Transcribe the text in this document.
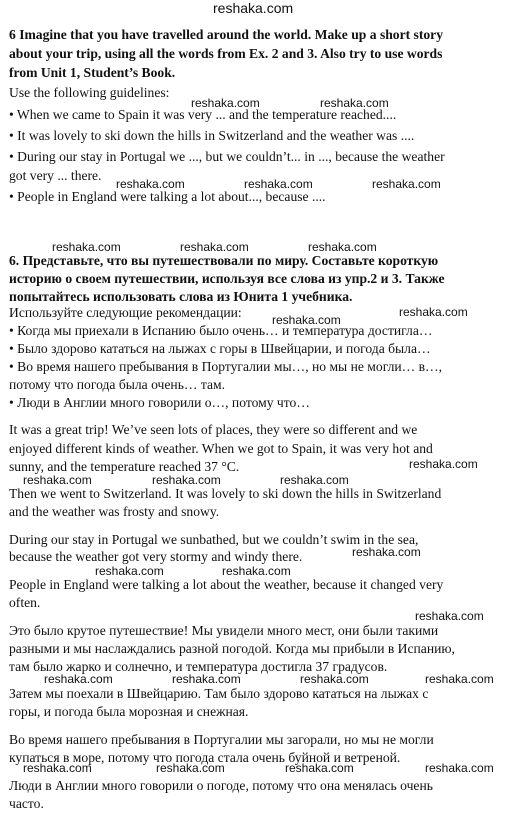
6 Imagine that you have travelled around the world. Make up a short story
about your trip, using all the words from Ex. 2 and 3. Also try to use words
from Unit 1, Student’s Book.
Use the following guidelines:
• When we came to Spain it was very ... and the temperature reached....
• It was lovely to ski down the hills in Switzerland and the weather was ....
• During our stay in Portugal we ..., but we couldn’t... in ..., because the weather
got very ... there.
• People in England were talking a lot about..., because ....
6. Представьте, что вы путешествовали по миру. Составьте короткую
историю о своем путешествии, используя все слова из упр.2 и 3. Также
попытайтесь использовать слова из Юнита 1 учебника.
Используйте следующие рекомендации:
• Когда мы приехали в Испанию было очень… и температура достигла…
• Было здорово кататься на лыжах с горы в Швейцарии, и погода была…
• Во время нашего пребывания в Португалии мы…, но мы не могли… в…,
потому что погода была очень… там.
• Люди в Англии много говорили о…, потому что…
It was a great trip! We’ve seen lots of places, they were so different and we
enjoyed different kinds of weather. When we got to Spain, it was very hot and
sunny, and the temperature reached 37 °C.
Then we went to Switzerland. It was lovely to ski down the hills in Switzerland
and the weather was frosty and snowy.
During our stay in Portugal we sunbathed, but we couldn’t swim in the sea,
because the weather got very stormy and windy there.
People in England were talking a lot about the weather, because it changed very
often.
Это было крутое путешествие! Мы увидели много мест, они были такими
разными и мы наслаждались разной погодой. Когда мы прибыли в Испанию,
там было жарко и солнечно, и температура достигла 37 градусов.
Затем мы поехали в Швейцарию. Там было здорово кататься на лыжах с
горы, и погода была морозная и снежная.
Во время нашего пребывания в Португалии мы загорали, но мы не могли
купаться в море, потому что погода стала очень буйной и ветреной.
Люди в Англии много говорили о погоде, потому что она менялась очень
часто.
reshaka.com
reshaka.com	reshaka.com
reshaka.com	reshaka.com	reshaka.com
reshaka.com	reshaka.com	reshaka.com
reshaka.com
reshaka.com
reshaka.com
reshaka.com	reshaka.com	reshaka.com
reshaka.com
reshaka.com	reshaka.com
reshaka.com
reshaka.com	reshaka.com	reshaka.com	reshaka.com
reshaka.com	reshaka.com	reshaka.com	reshaka.com
